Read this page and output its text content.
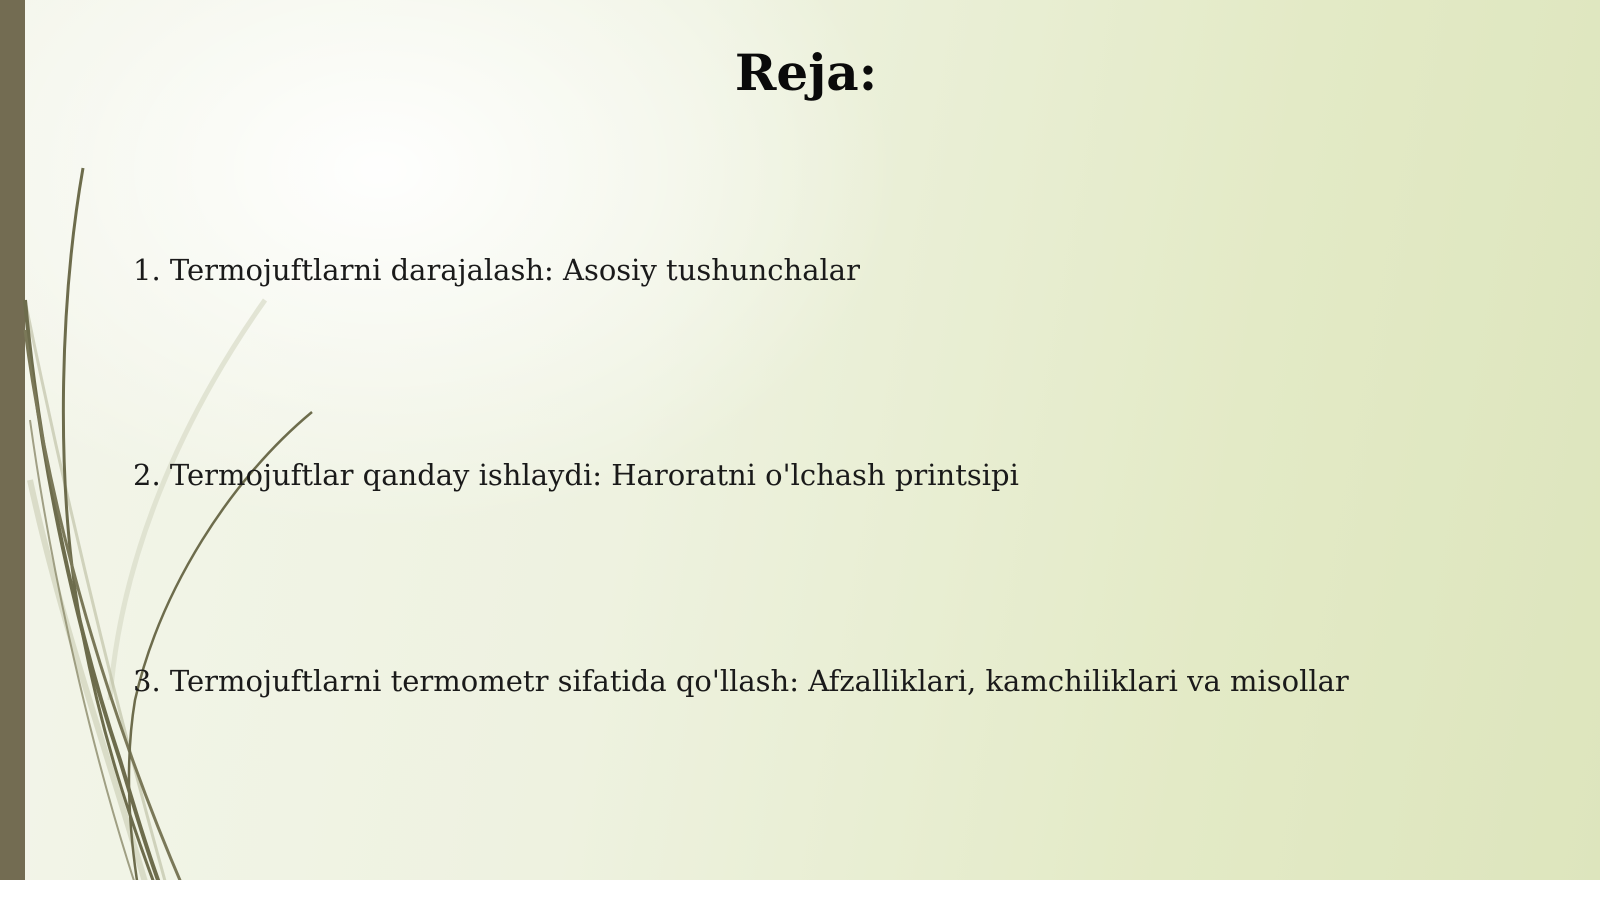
Reja:
1. Termojuftlarni darajalash: Asosiy tushunchalar
2. Termojuftlar qanday ishlaydi: Haroratni o'lchash printsipi
3. Termojuftlarni termometr sifatida qo'llash: Afzalliklari, kamchiliklari va misollar
